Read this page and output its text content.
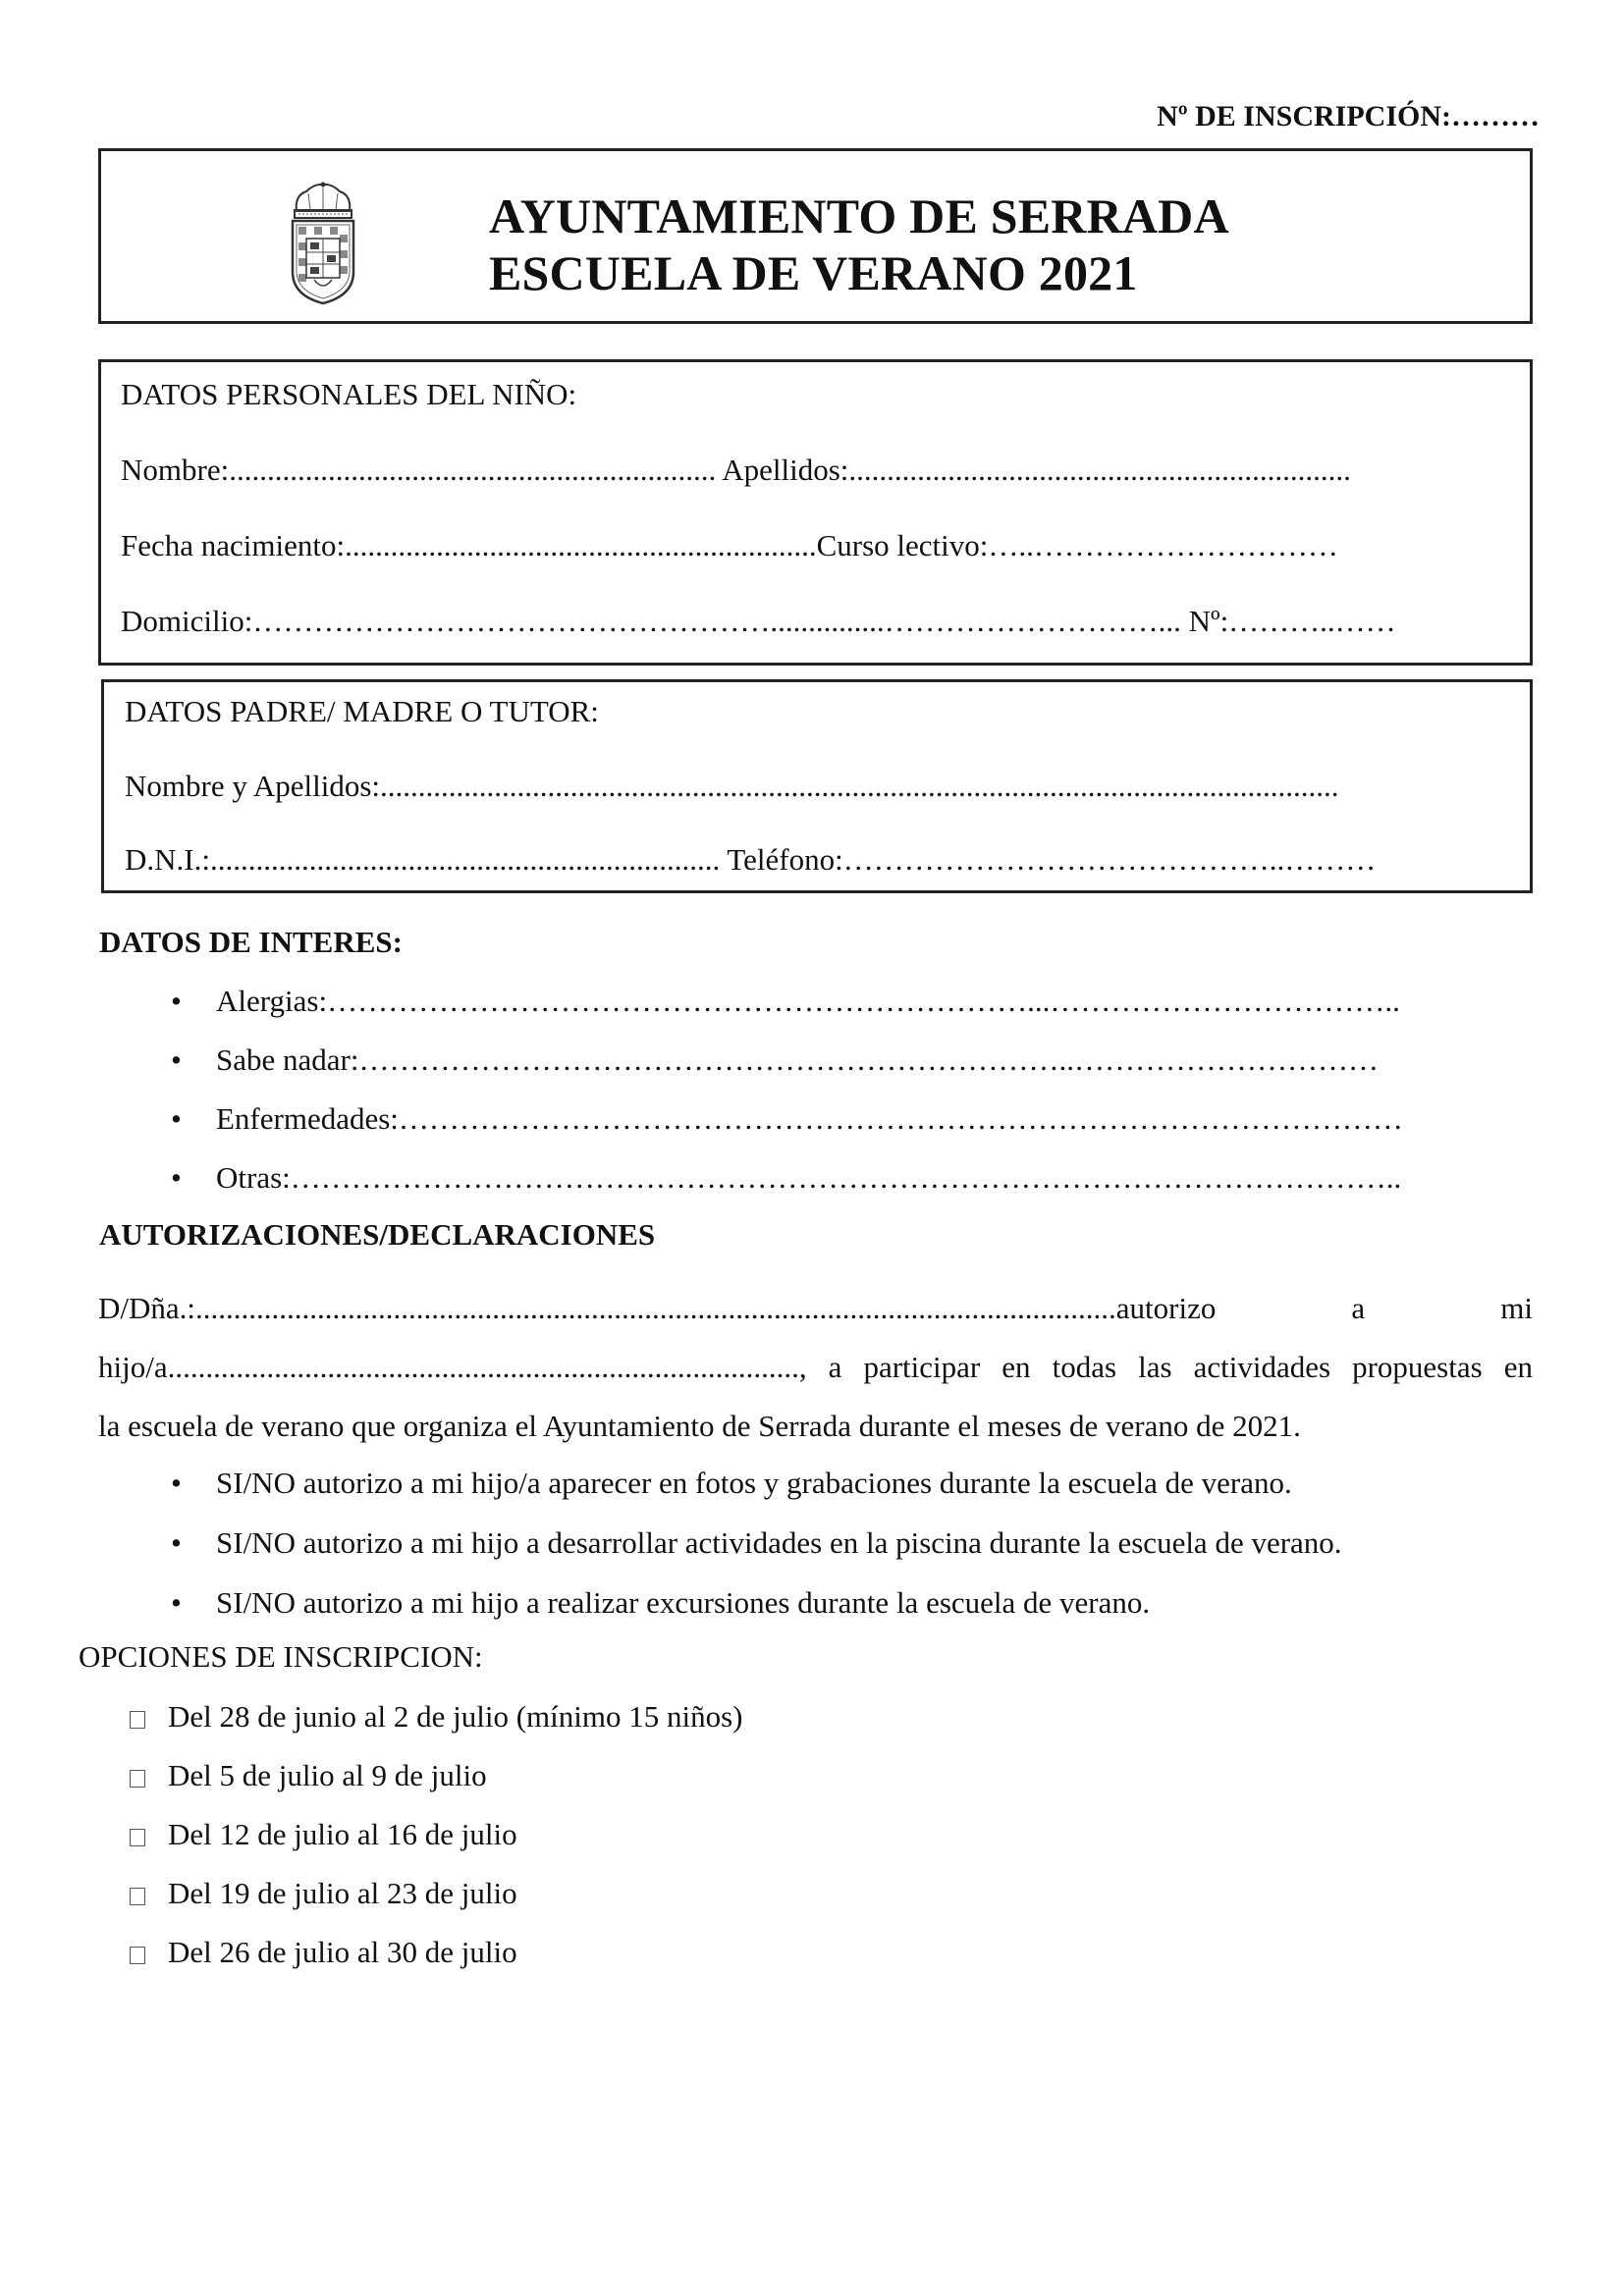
Nº DE INSCRIPCIÓN:………
AYUNTAMIENTO DE SERRADA
ESCUELA DE VERANO 2021
DATOS PERSONALES DEL NIÑO:
Nombre:................................................................ Apellidos:..................................................................
Fecha nacimiento:..............................................................Curso lectivo:…..…………………………
Domicilio:……………………………………………...............………………………... Nº:………..……
DATOS PADRE/ MADRE O TUTOR:
Nombre y Apellidos:..............................................................................................................................
D.N.I.:................................................................... Teléfono:……………………………………..………
DATOS DE INTERES:
• Alergias:……………………………………………………………...……………………………..
• Sabe nadar:……………………………………………………………..…………………………
• Enfermedades:………………………………………………………………………………………
• Otras:………………………………………………………………………………………………..
AUTORIZACIONES/DECLARACIONES
D/Dña.:.........................................................................................................................autorizo a mi
hijo/a..................................................................................., a participar en todas las actividades propuestas en
la escuela de verano que organiza el Ayuntamiento de Serrada durante el meses de verano de 2021.
• SI/NO autorizo a mi hijo/a aparecer en fotos y grabaciones durante la escuela de verano.
• SI/NO autorizo a mi hijo a desarrollar actividades en la piscina durante la escuela de verano.
• SI/NO autorizo a mi hijo a realizar excursiones durante la escuela de verano.
OPCIONES DE INSCRIPCION:
Del 28 de junio al 2 de julio (mínimo 15 niños)
Del 5 de julio al 9 de julio
Del 12 de julio al 16 de julio
Del 19 de julio al 23 de julio
Del 26 de julio al 30 de julio
